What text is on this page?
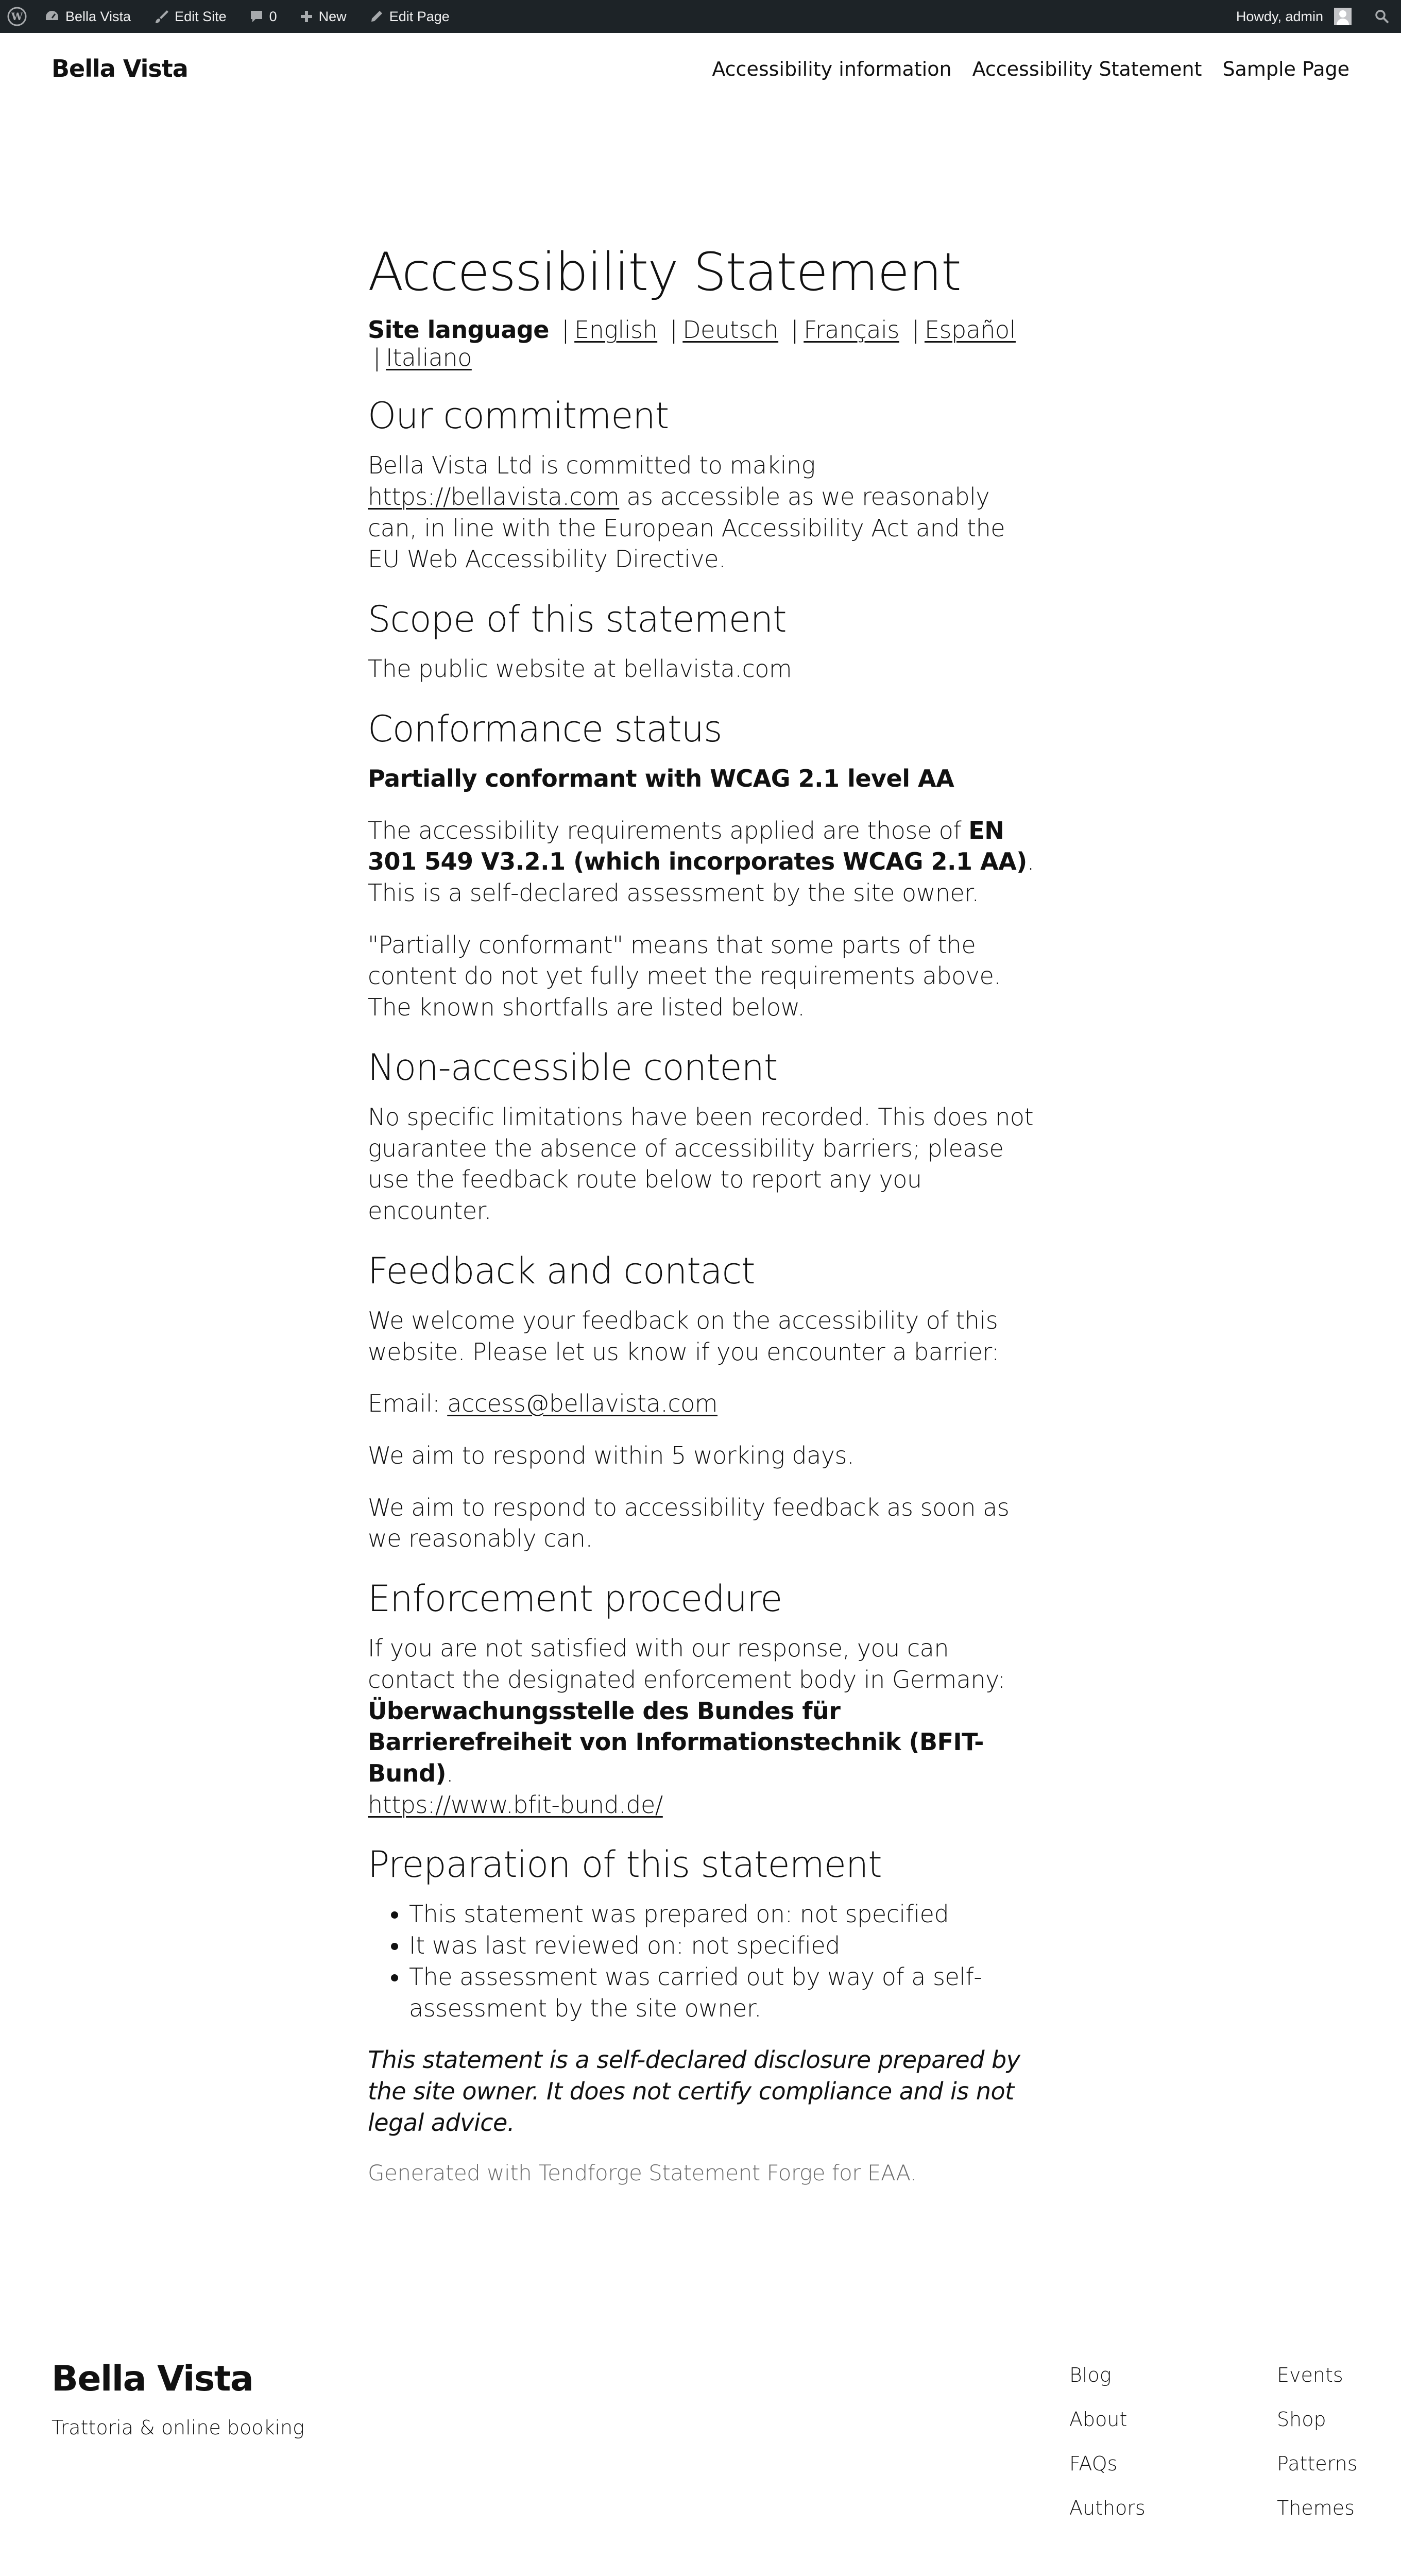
W	Bella Vista	Edit Site	0	New	Edit Page	Howdy, admin
Bella Vista	Accessibility information Accessibility Statement Sample Page
Accessibility Statement
Site language | English | Deutsch | Français | Español | Italiano
Our commitment

Bella Vista Ltd is committed to making https://bellavista.com as accessible as we reasonably can, in line with the European Accessibility Act and the EU Web Accessibility Directive.

Scope of this statement

The public website at bellavista.com

Conformance status

Partially conformant with WCAG 2.1 level AA

The accessibility requirements applied are those of EN 301 549 V3.2.1 (which incorporates WCAG 2.1 AA). This is a self-declared assessment by the site owner.

"Partially conformant" means that some parts of the content do not yet fully meet the requirements above. The known shortfalls are listed below.

Non-accessible content

No specific limitations have been recorded. This does not guarantee the absence of accessibility barriers; please use the feedback route below to report any you encounter.

Feedback and contact

We welcome your feedback on the accessibility of this website. Please let us know if you encounter a barrier:

Email: access@bellavista.com

We aim to respond within 5 working days.

We aim to respond to accessibility feedback as soon as we reasonably can.

Enforcement procedure

If you are not satisfied with our response, you can contact the designated enforcement body in Germany:
Überwachungsstelle des Bundes für Barrierefreiheit von Informationstechnik (BFIT-Bund).
https://www.bfit-bund.de/

Preparation of this statement
• This statement was prepared on: not specified
• It was last reviewed on: not specified
• The assessment was carried out by way of a self-assessment by the site owner.

This statement is a self-declared disclosure prepared by the site owner. It does not certify compliance and is not legal advice.

Generated with Tendforge Statement Forge for EAA.

Bella Vista
Trattoria & online booking
Blog
About
FAQs
Authors
Events
Shop
Patterns
Themes
